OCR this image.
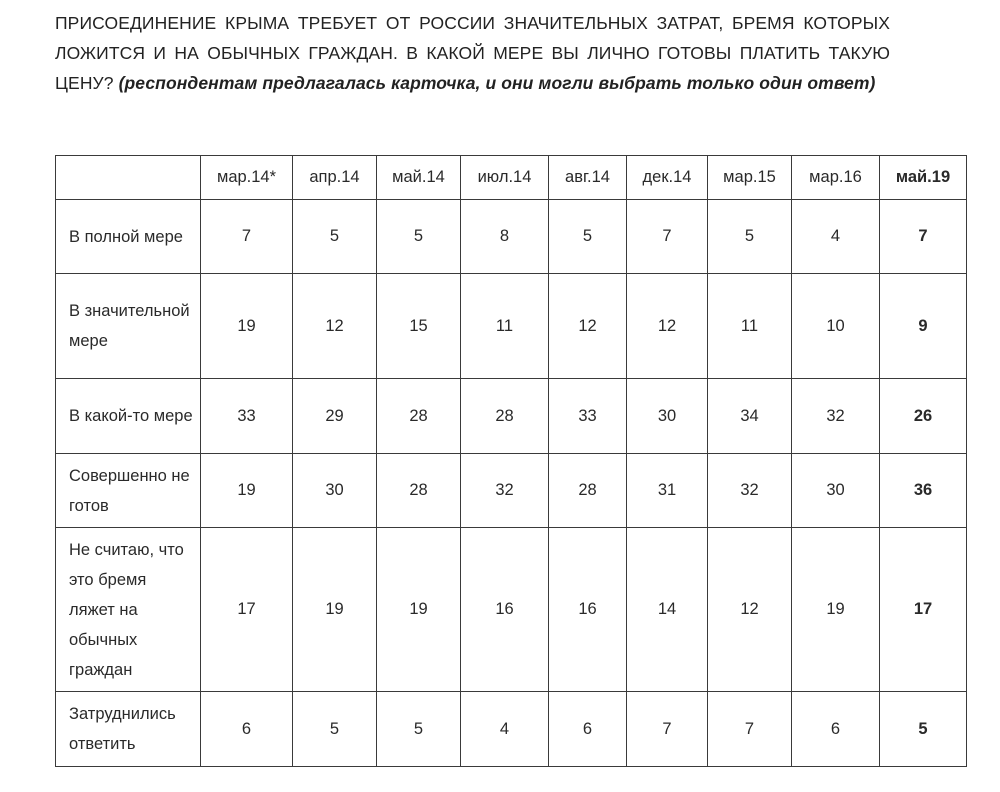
ПРИСОЕДИНЕНИЕ КРЫМА ТРЕБУЕТ ОТ РОССИИ ЗНАЧИТЕЛЬНЫХ ЗАТРАТ, БРЕМЯ КОТОРЫХ ЛОЖИТСЯ И НА ОБЫЧНЫХ ГРАЖДАН. В КАКОЙ МЕРЕ ВЫ ЛИЧНО ГОТОВЫ ПЛАТИТЬ ТАКУЮ ЦЕНУ? (респондентам предлагалась карточка, и они могли выбрать только один ответ)
	мар.14*	апр.14	май.14	июл.14	авг.14	дек.14	мар.15	мар.16	май.19
В полной мере	7	5	5	8	5	7	5	4	7
В значительной мере	19	12	15	11	12	12	11	10	9
В какой-то мере	33	29	28	28	33	30	34	32	26
Совершенно не готов	19	30	28	32	28	31	32	30	36
Не считаю, что это бремя ляжет на обычных граждан	17	19	19	16	16	14	12	19	17
Затруднились ответить	6	5	5	4	6	7	7	6	5
